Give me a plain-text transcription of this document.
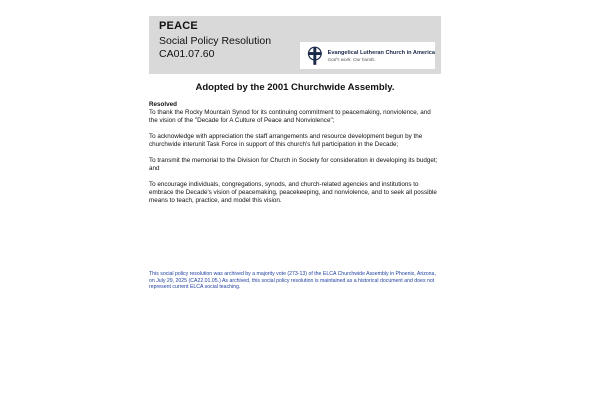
PEACE
Social Policy Resolution
CA01.07.60	Evangelical Lutheran Church in America
God's work. Our hands.
Adopted by the 2001 Churchwide Assembly.
Resolved

To thank the Rocky Mountain Synod for its continuing commitment to peacemaking, nonviolence, and the vision of the "Decade for A Culture of Peace and Nonviolence";

To acknowledge with appreciation the staff arrangements and resource development begun by the churchwide interunit Task Force in support of this church's full participation in the Decade;

To transmit the memorial to the Division for Church in Society for consideration in developing its budget; and

To encourage individuals, congregations, synods, and church-related agencies and institutions to embrace the Decade's vision of peacemaking, peacekeeping, and nonviolence, and to seek all possible means to teach, practice, and model this vision.

This social policy resolution was archived by a majority vote (273-13) of the ELCA Churchwide Assembly in Phoenix, Arizona, on July 29, 2025 (CA22.01.05.) As archived, this social policy resolution is maintained as a historical document and does not represent current ELCA social teaching.
